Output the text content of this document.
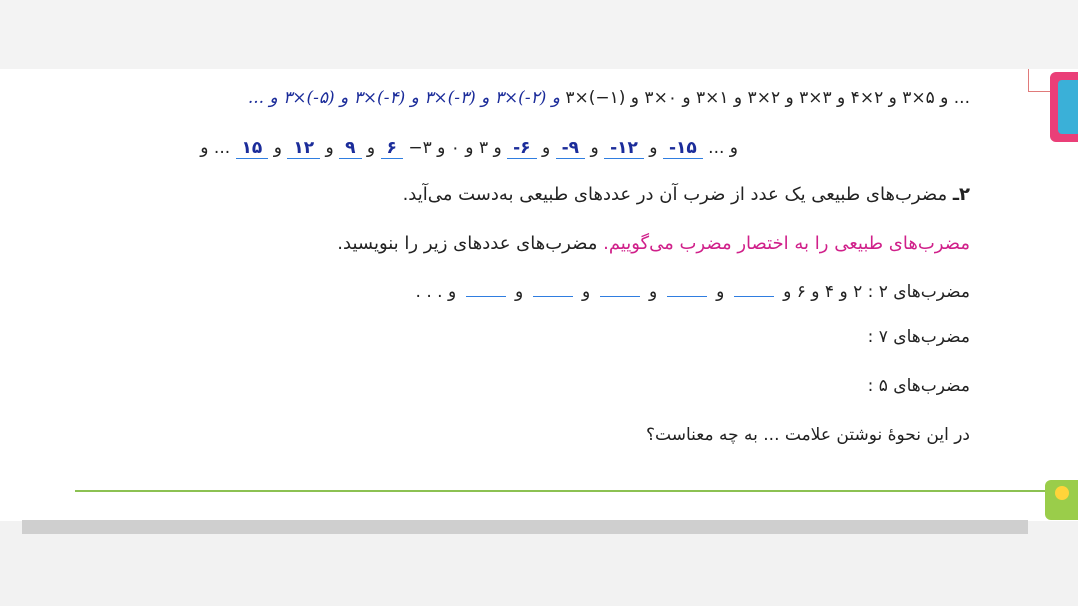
... و ۵×۳ و ۲×۴ و ۳×۳ و ۲×۳ و ۱×۳ و ۰×۳ و (۱−)×۳ و (۲-)×۳ و (۳-)×۳ و (۴-)×۳ و (۵-)×۳ و ...
و ... ۱۵- و ۱۲- و ۹- و ۶- و ۳ و ۰ و ۳− ۶ و ۹ و ۱۲ و ۱۵ ... و
۲ـ مضرب‌های طبیعی یک عدد از ضرب آن در عددهای طبیعی به‌دست می‌آید.
مضرب‌های طبیعی را به اختصار مضرب می‌گوییم. مضرب‌های عددهای زیر را بنویسید.
مضرب‌های ۲ : ۲ و ۴ و ۶ و  و  و  و  و  و . . .
مضرب‌های ۷ :
مضرب‌های ۵ :
در این نحوهٔ نوشتن علامت ... به چه معناست؟
